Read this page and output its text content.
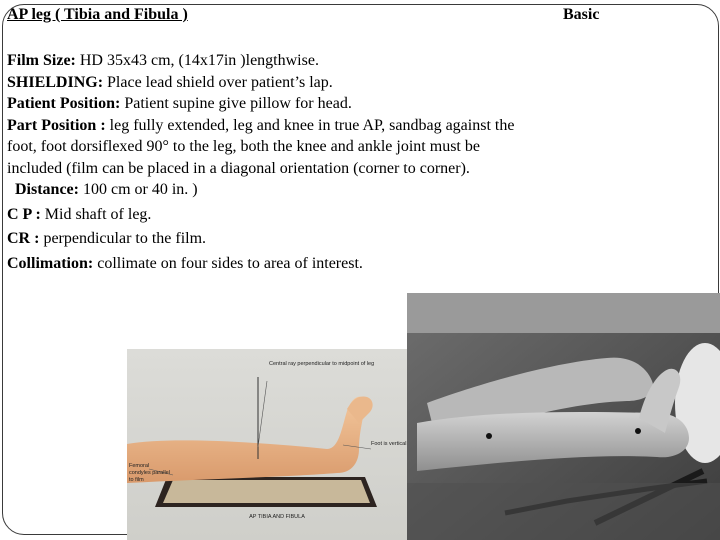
AP leg ( Tibia and Fibula )	Basic

Film Size: HD 35x43 cm, (14x17in )lengthwise.

SHIELDING: Place lead shield over patient’s lap.

Patient Position: Patient supine give pillow for head.

Part Position : leg fully extended, leg and knee in true AP, sandbag against the foot, foot dorsiflexed 90° to the leg, both the knee and ankle joint must be included (film can be placed in a diagonal orientation (corner to corner).

Distance: 100 cm or 40 in. )

C P : Mid shaft of leg.

CR : perpendicular to the film.

Collimation: collimate on four sides to area of interest.

Central ray perpendicular to midpoint of leg
Foot is vertical
Femoral condyles parallel to film
AP TIBIA AND FIBULA
